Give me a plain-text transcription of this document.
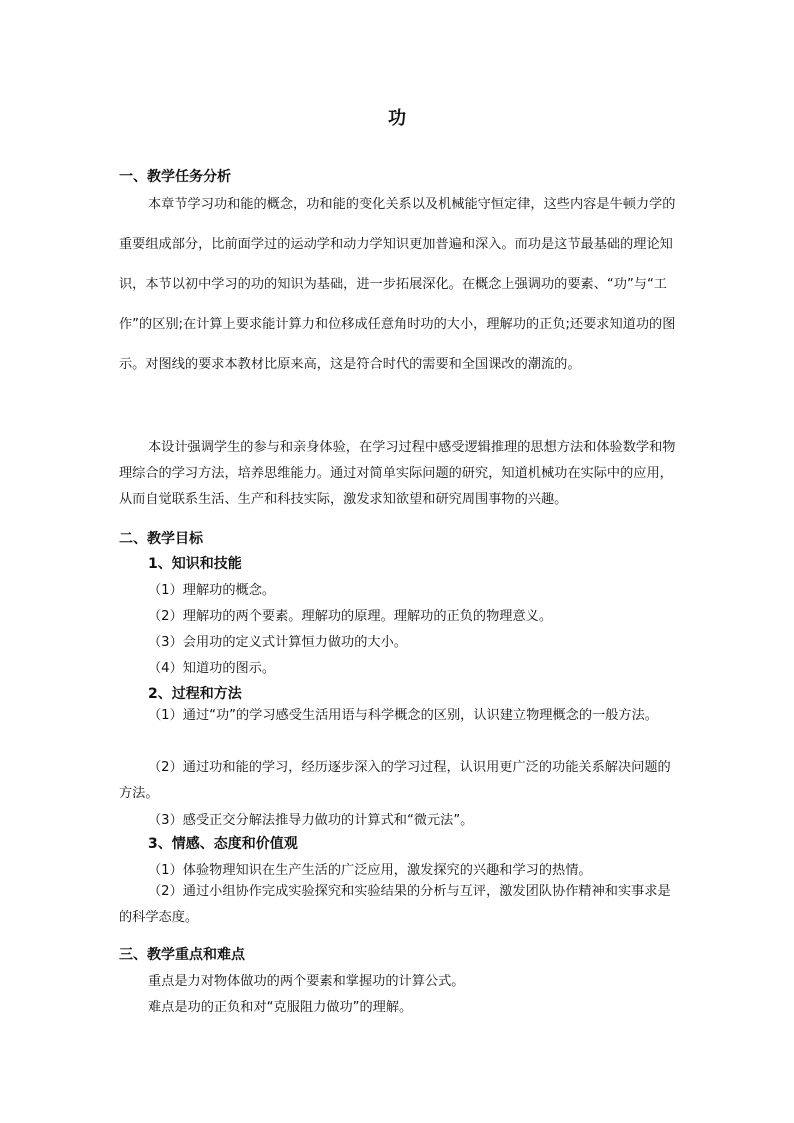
功
一、教学任务分析

本章节学习功和能的概念，功和能的变化关系以及机械能守恒定律，这些内容是牛顿力学的重要组成部分，比前面学过的运动学和动力学知识更加普遍和深入。而功是这节最基础的理论知识，本节以初中学习的功的知识为基础，进一步拓展深化。在概念上强调功的要素、“功”与“工作”的区别;在计算上要求能计算力和位移成任意角时功的大小，理解功的正负;还要求知道功的图示。对图线的要求本教材比原来高，这是符合时代的需要和全国课改的潮流的。

本设计强调学生的参与和亲身体验，在学习过程中感受逻辑推理的思想方法和体验数学和物理综合的学习方法，培养思维能力。通过对简单实际问题的研究，知道机械功在实际中的应用，从而自觉联系生活、生产和科技实际，激发求知欲望和研究周围事物的兴趣。

二、教学目标
1、知识和技能
（1）理解功的概念。
（2）理解功的两个要素。理解功的原理。理解功的正负的物理意义。
（3）会用功的定义式计算恒力做功的大小。
（4）知道功的图示。
2、过程和方法

（1）通过“功”的学习感受生活用语与科学概念的区别，认识建立物理概念的一般方法。

（2）通过功和能的学习，经历逐步深入的学习过程，认识用更广泛的功能关系解决问题的方法。

（3）感受正交分解法推导力做功的计算式和“微元法”。
3、情感、态度和价值观
（1）体验物理知识在生产生活的广泛应用，激发探究的兴趣和学习的热情。

（2）通过小组协作完成实验探究和实验结果的分析与互评，激发团队协作精神和实事求是的科学态度。

三、教学重点和难点
重点是力对物体做功的两个要素和掌握功的计算公式。
难点是功的正负和对“克服阻力做功”的理解。
